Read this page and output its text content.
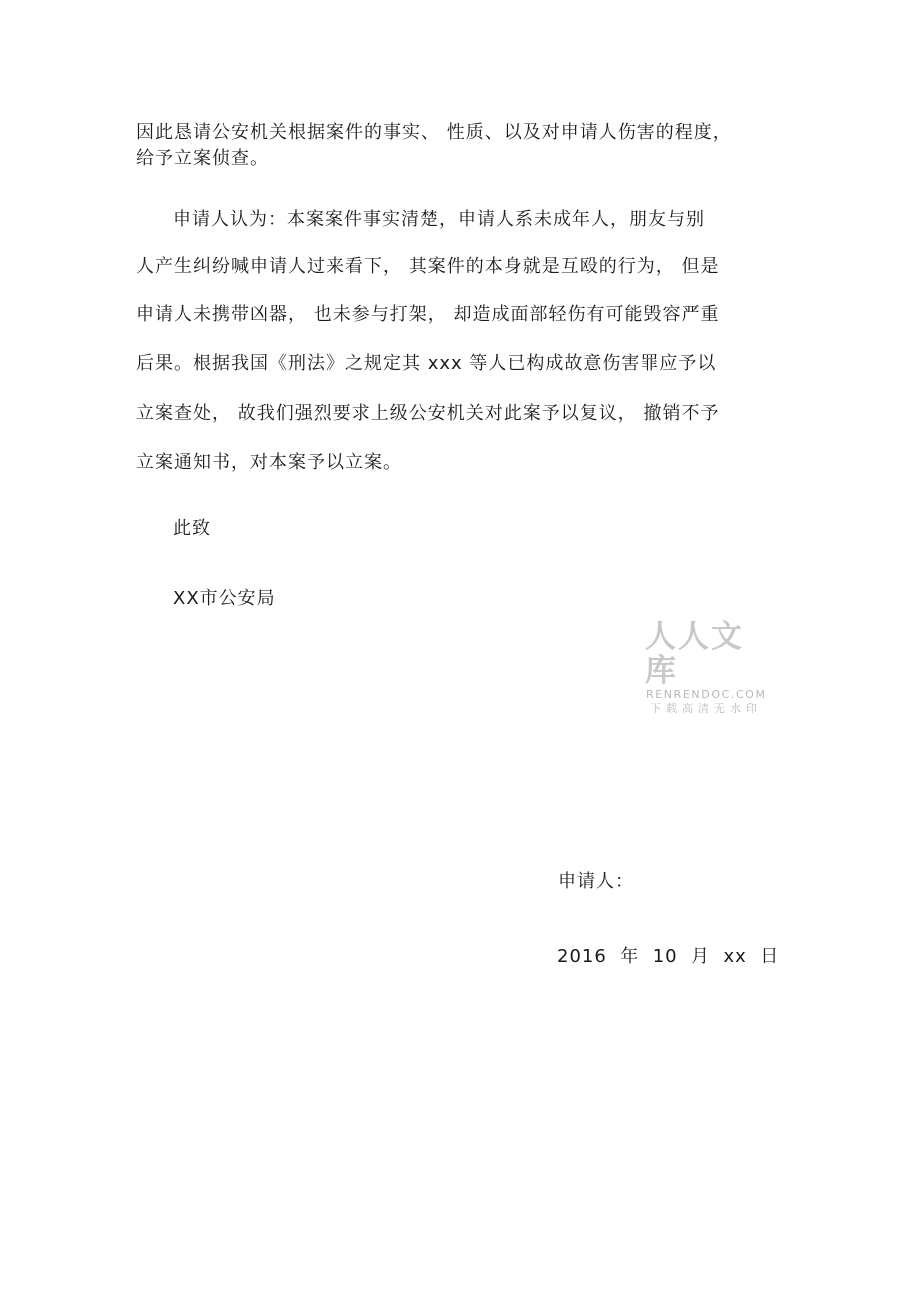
因此恳请公安机关根据案件的事实、 性质、以及对申请人伤害的程度，
给予立案侦查。
申请人认为：本案案件事实清楚，申请人系未成年人，朋友与别
人产生纠纷喊申请人过来看下， 其案件的本身就是互殴的行为， 但是
申请人未携带凶器， 也未参与打架， 却造成面部轻伤有可能毁容严重
后果。根据我国《刑法》之规定其 xxx 等人已构成故意伤害罪应予以
立案查处， 故我们强烈要求上级公安机关对此案予以复议， 撤销不予
立案通知书，对本案予以立案。
此致
XX市公安局
申请人：
2016  年  10  月  xx  日
人人文库
RENRENDOC.COM
下载高清无水印
